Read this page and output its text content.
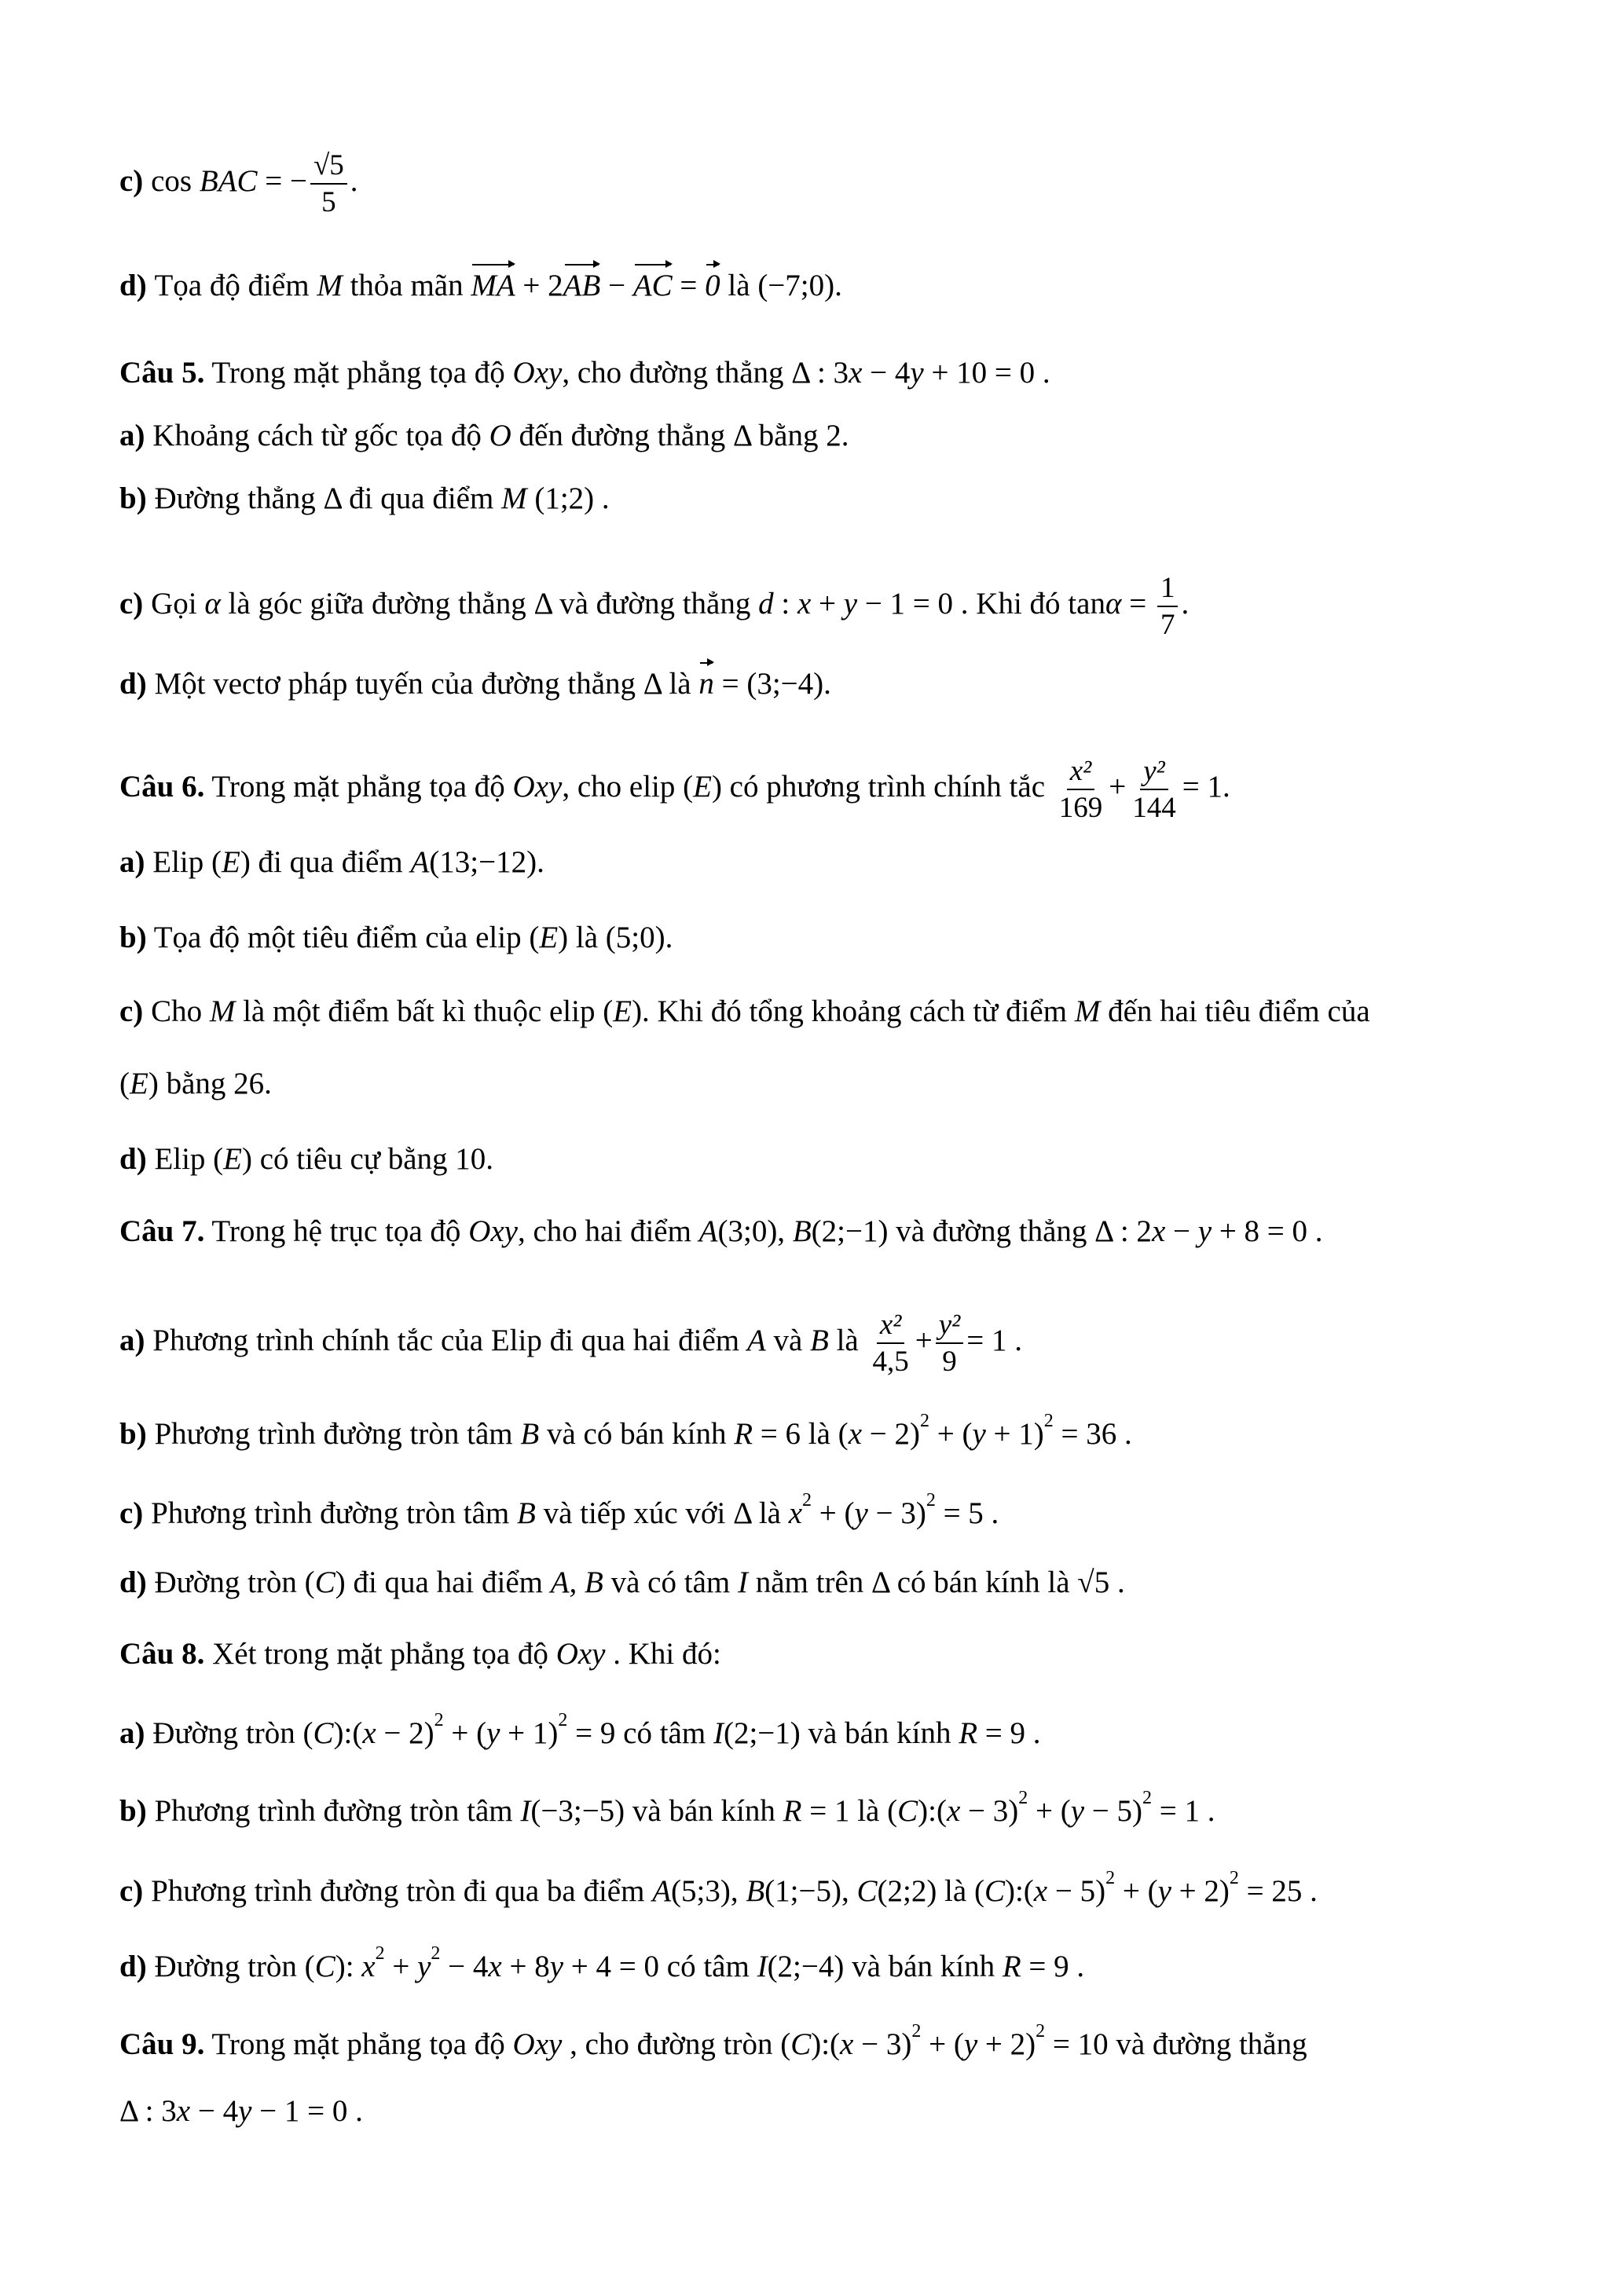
c) cos BAC = − $\frac{√5}{5}$ .
d) Tọa độ điểm M thỏa mãn MA + 2AB − AC = 0 là (−7;0).
Câu 5. Trong mặt phẳng tọa độ Oxy, cho đường thẳng Δ : 3x − 4y + 10 = 0 .
a) Khoảng cách từ gốc tọa độ O đến đường thẳng Δ bằng 2.
b) Đường thẳng Δ đi qua điểm M (1;2) .
c) Gọi α là góc giữa đường thẳng Δ và đường thẳng d : x + y − 1 = 0 . Khi đó $\tan\alpha = \frac{1}{7}$ .
d) Một vectơ pháp tuyến của đường thẳng Δ là n = (3;−4).
Câu 6. Trong mặt phẳng tọa độ Oxy, cho elip (E) có phương trình chính tắc $\frac{\text{x²}}{169} + \frac{\text{y²}}{144} = 1$.
a) Elip (E) đi qua điểm A(13;−12).
b) Tọa độ một tiêu điểm của elip (E) là (5;0).
c) Cho M là một điểm bất kì thuộc elip (E). Khi đó tổng khoảng cách từ điểm M đến hai tiêu điểm của
(E) bằng 26.
d) Elip (E) có tiêu cự bằng 10.
Câu 7. Trong hệ trục tọa độ Oxy, cho hai điểm A(3;0), B(2;−1) và đường thẳng Δ : 2x − y + 8 = 0 .
a) Phương trình chính tắc của Elip đi qua hai điểm A và B là $\frac{\text{x²}}{4,5} + \frac{\text{y²}}{9} = 1$ .
b) Phương trình đường tròn tâm B và có bán kính R = 6 là $(x - 2)^2 + (y + 1)^2 = 36$ .
c) Phương trình đường tròn tâm B và tiếp xúc với Δ là $x^2 + (y - 3)^2 = 5$ .
d) Đường tròn (C) đi qua hai điểm A, B và có tâm I nằm trên Δ có bán kính là √5 .
Câu 8. Xét trong mặt phẳng tọa độ Oxy . Khi đó:
a) Đường tròn (C):(x − $2)^2 + (y + 1)^2 = 9$ có tâm I(2;−1) và bán kính R = 9 .
b) Phương trình đường tròn tâm I(−3;−5) và bán kính R = 1 là (C):(x − $3)^2 + (y - 5)^2 = 1$ .
c) Phương trình đường tròn đi qua ba điểm A(5;3), B(1;−5), C(2;2) là (C):(x − $5)^2 + (y + 2)^2 = 25$ .
d) Đường tròn (C): $x^2 + y^2 - 4x + 8y + 4 = 0$ có tâm I(2;−4) và bán kính R = 9 .
Câu 9. Trong mặt phẳng tọa độ Oxy , cho đường tròn (C):(x − $3)^2 + (y + 2)^2 = 10$ và đường thẳng
Δ : 3x − 4y − 1 = 0 .
